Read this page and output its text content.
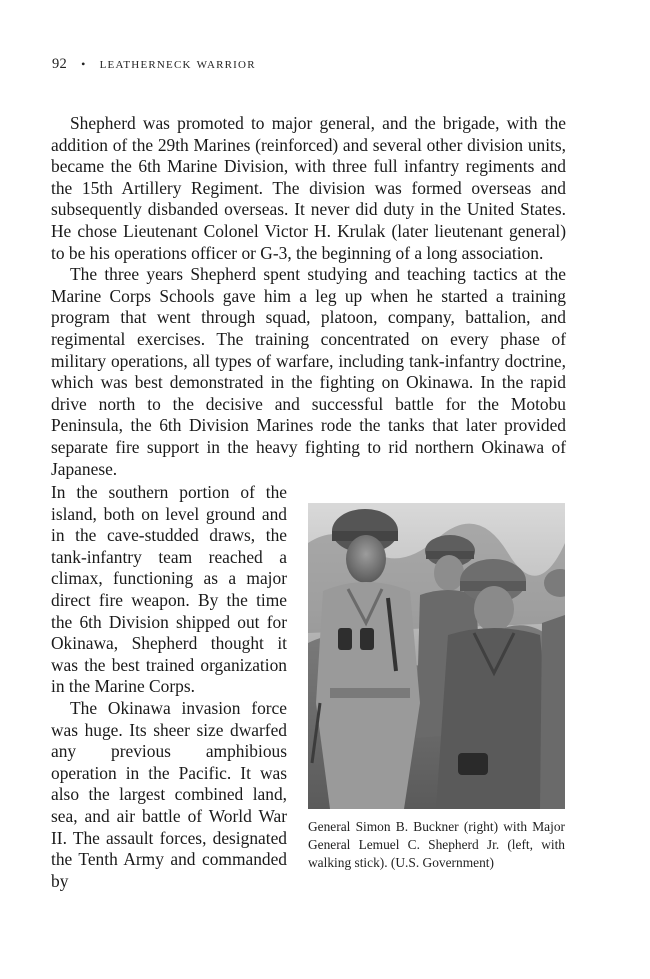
92 • leatherneck warrior

Shepherd was promoted to major general, and the brigade, with the addition of the 29th Marines (reinforced) and several other division units, became the 6th Marine Division, with three full infantry regiments and the 15th Artillery Regiment. The division was formed overseas and subsequently disbanded overseas. It never did duty in the United States. He chose Lieutenant Colonel Victor H. Krulak (later lieutenant general) to be his operations officer or G-3, the beginning of a long association.

The three years Shepherd spent studying and teaching tactics at the Marine Corps Schools gave him a leg up when he started a training program that went through squad, platoon, company, battalion, and regimental exercises. The training concentrated on every phase of military operations, all types of warfare, including tank-infantry doctrine, which was best demonstrated in the fighting on Okinawa. In the rapid drive north to the decisive and successful battle for the Motobu Peninsula, the 6th Division Marines rode the tanks that later provided separate fire support in the heavy fighting to rid northern Okinawa of Japanese.

In the southern portion of the island, both on level ground and in the cave-studded draws, the tank-infantry team reached a climax, functioning as a major direct fire weapon. By the time the 6th Division shipped out for Okinawa, Shepherd thought it was the best trained organization in the Marine Corps.

The Okinawa invasion force was huge. Its sheer size dwarfed any previous amphibious operation in the Pacific. It was also the largest combined land, sea, and air battle of World War II. The assault forces, designated the Tenth Army and commanded by

General Simon B. Buckner (right) with Major General Lemuel C. Shepherd Jr. (left, with walking stick). (U.S. Government)
